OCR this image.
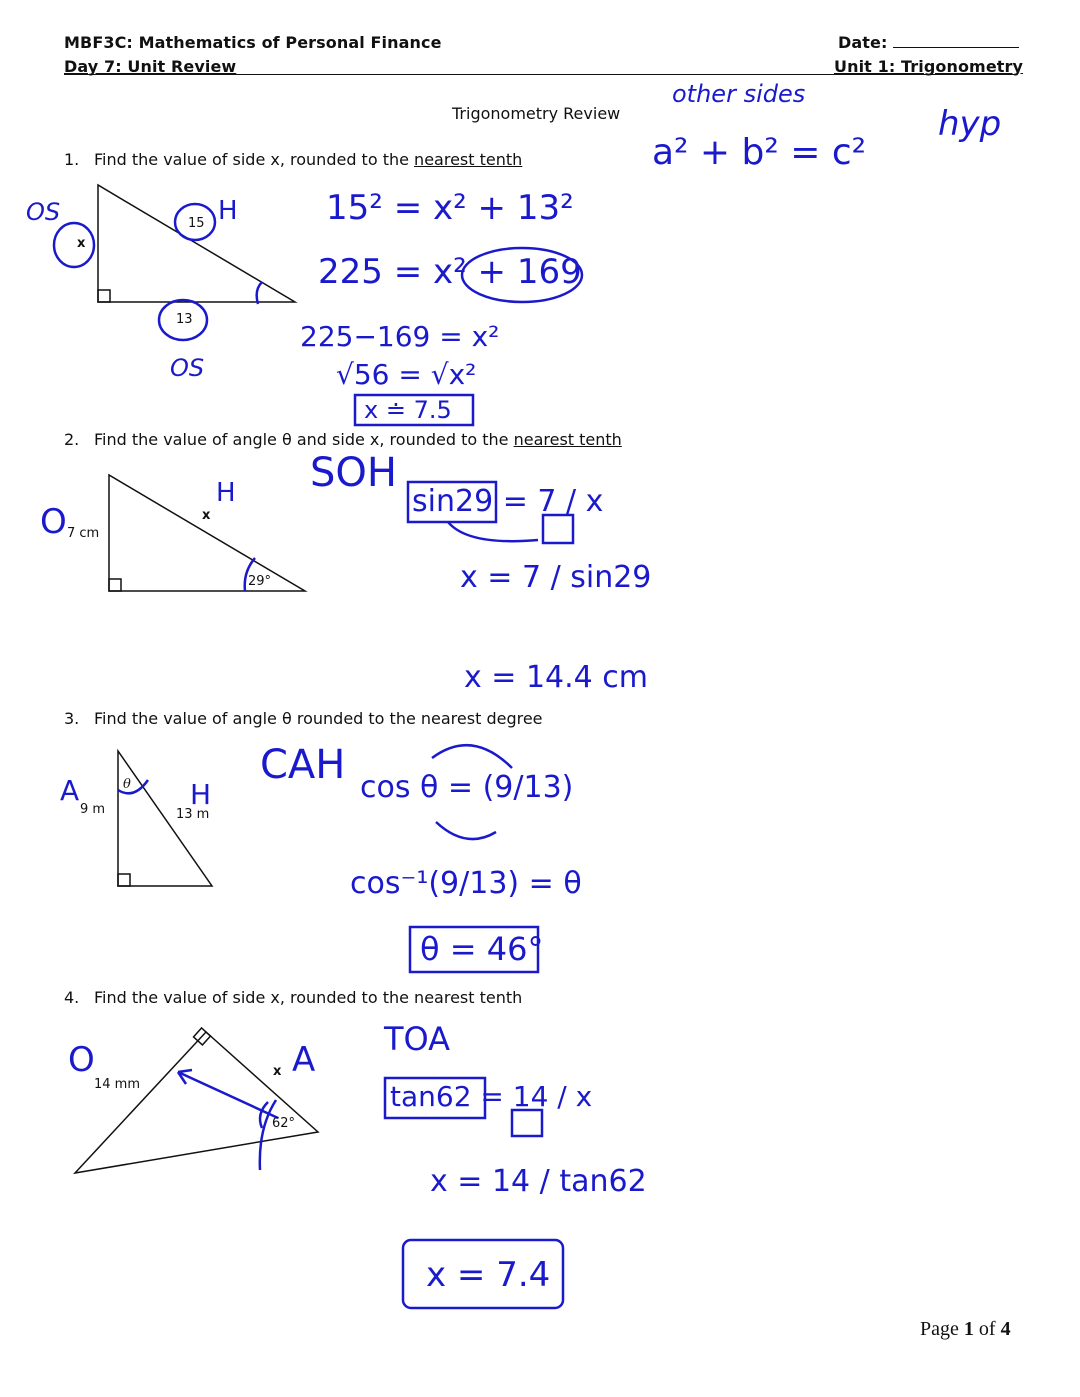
MBF3C: Mathematics of Personal Finance
Day 7: Unit Review
Date:
Unit 1: Trigonometry
Trigonometry Review
other sides
a² + b² = c²
hyp
1. Find the value of side x, rounded to the nearest tenth
2. Find the value of angle θ and side x, rounded to the nearest tenth
3. Find the value of angle θ rounded to the nearest degree
4. Find the value of side x, rounded to the nearest tenth
15
13
x
OS	H
OS
15² = x² + 13²
225 = x² + 169
225−169 = x²
√56 = √x²
x ≐ 7.5
7 cm
x
29°
O
H SOH
sin29 = 7 / x
x = 7 / sin29
x = 14.4 cm
9 m	13 m
θ
A	H
CAH cos θ = (9/13)
cos⁻¹(9/13) = θ
θ = 46°
14 mm
x
62°
O	A
TOA
tan62 = 14 / x
x = 14 / tan62
x = 7.4
Page 1 of 4
